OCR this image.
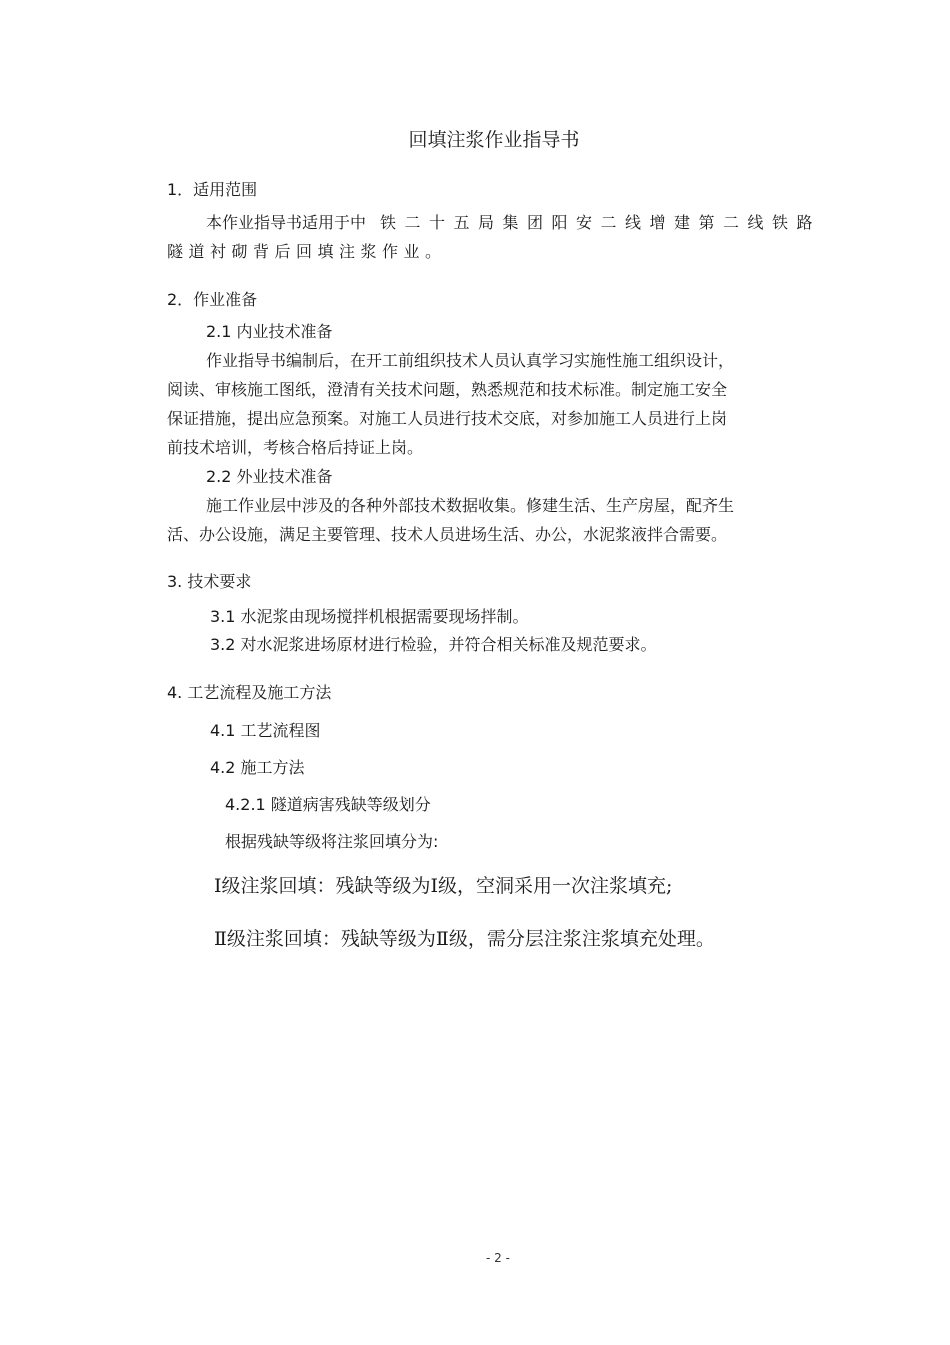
回填注浆作业指导书
1．适用范围
本作业指导书适用于中 铁二十五局集团阳安二线增建第二线铁路
隧道衬砌背后回填注浆作业。
2．作业准备
2.1 内业技术准备
作业指导书编制后，在开工前组织技术人员认真学习实施性施工组织设计，
阅读、审核施工图纸，澄清有关技术问题，熟悉规范和技术标准。制定施工安全
保证措施，提出应急预案。对施工人员进行技术交底，对参加施工人员进行上岗
前技术培训，考核合格后持证上岗。
2.2 外业技术准备
施工作业层中涉及的各种外部技术数据收集。修建生活、生产房屋，配齐生
活、办公设施，满足主要管理、技术人员进场生活、办公，水泥浆液拌合需要。
3. 技术要求
3.1 水泥浆由现场搅拌机根据需要现场拌制。
3.2 对水泥浆进场原材进行检验，并符合相关标准及规范要求。
4. 工艺流程及施工方法
4.1 工艺流程图
4.2 施工方法
4.2.1 隧道病害残缺等级划分
根据残缺等级将注浆回填分为:
Ⅰ级注浆回填：残缺等级为Ⅰ级，空洞采用一次注浆填充;
Ⅱ级注浆回填：残缺等级为Ⅱ级，需分层注浆注浆填充处理。
- 2 -
